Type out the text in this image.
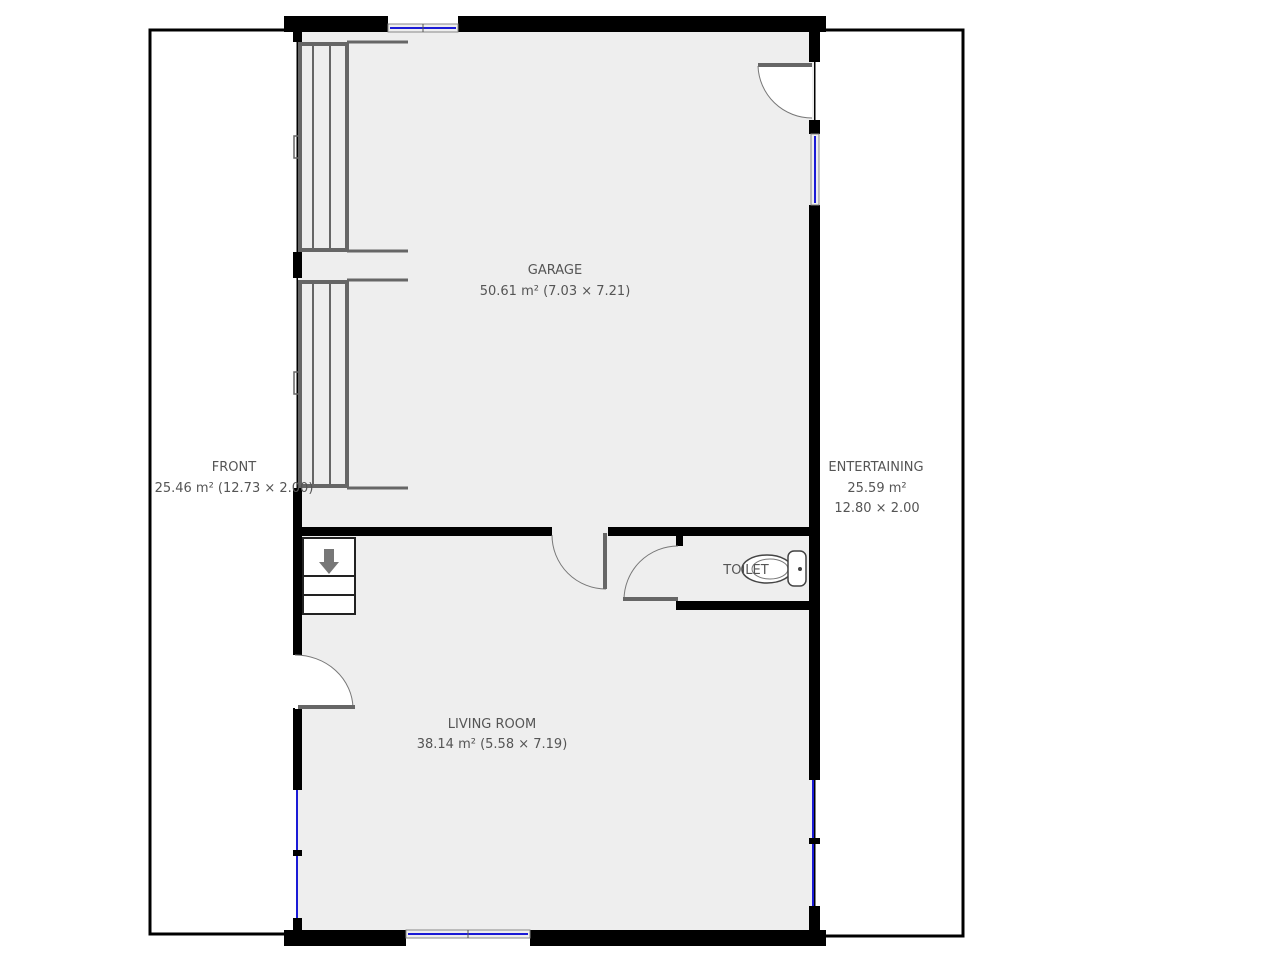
GARAGE
50.61 m² (7.03 × 7.21)
FRONT
25.46 m² (12.73 × 2.00)
ENTERTAINING
25.59 m²
12.80 × 2.00
TOILET
LIVING ROOM
38.14 m² (5.58 × 7.19)
